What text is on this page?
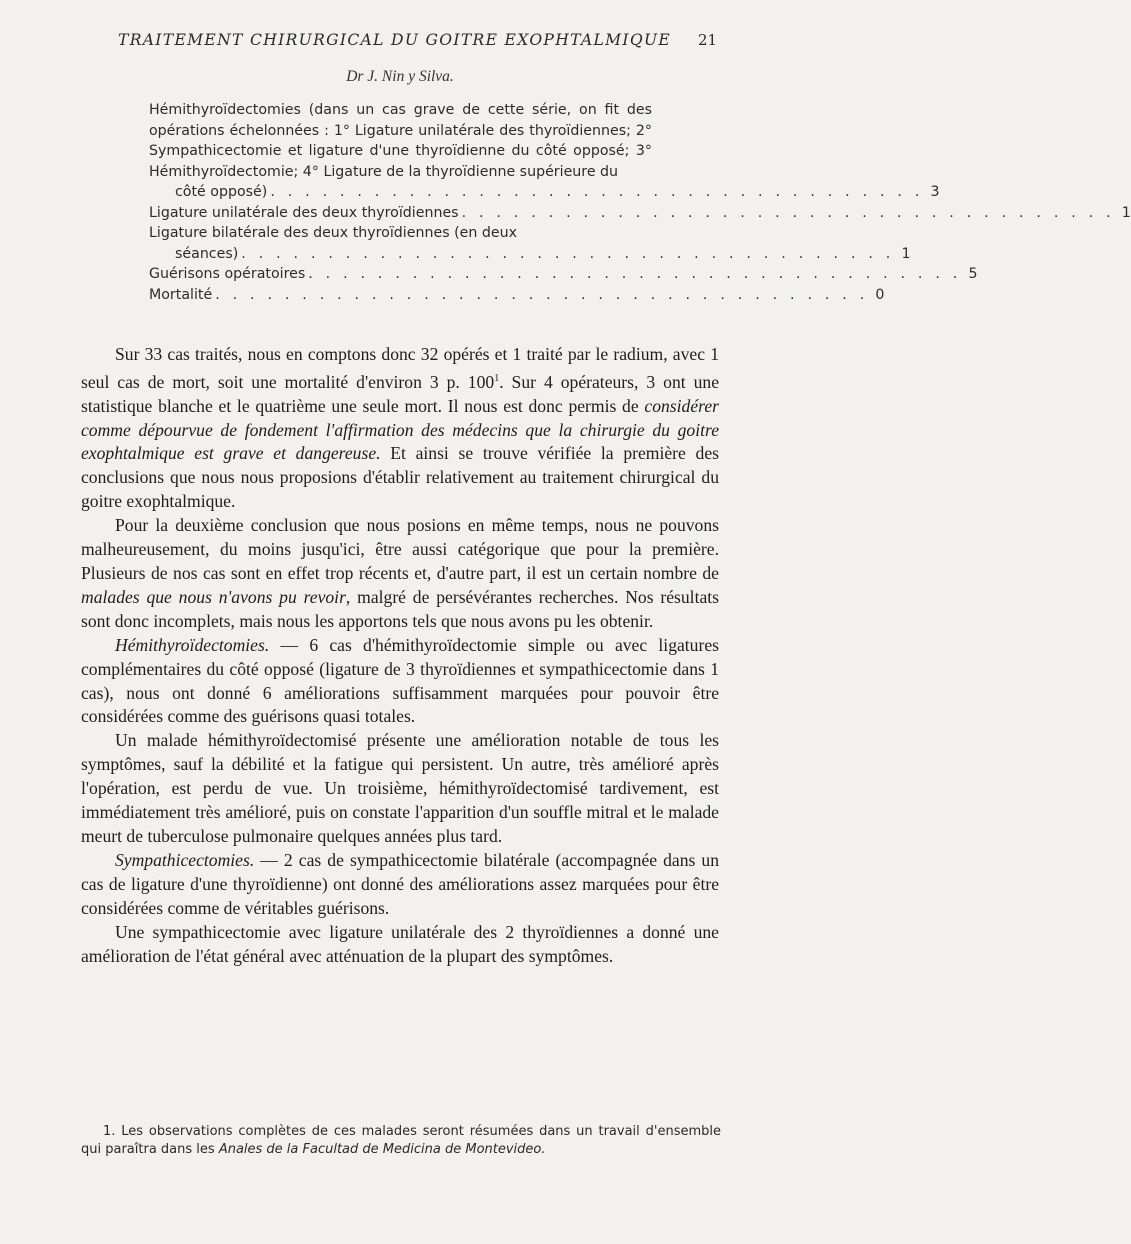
TRAITEMENT CHIRURGICAL DU GOITRE EXOPHTALMIQUE	21
Dr J. Nin y Silva.
Hémithyroïdectomies (dans un cas grave de cette série, on fit des opérations échelonnées : 1° Ligature unilatérale des thyroïdiennes; 2° Sympathicectomie et ligature d'une thyroïdienne du côté opposé; 3° Hémithyroïdectomie; 4° Ligature de la thyroïdienne supérieure du
côté opposé) . . . . . . . . . . . . . . . . . . . . . . . . . . . . . . . . . . . . . . 3
Ligature unilatérale des deux thyroïdiennes . . . . . . . . . . . . . . . . . . . . . . . . . . . . . . . . . . . . . . 1
Ligature bilatérale des deux thyroïdiennes (en deux
séances) . . . . . . . . . . . . . . . . . . . . . . . . . . . . . . . . . . . . . . 1
Guérisons opératoires . . . . . . . . . . . . . . . . . . . . . . . . . . . . . . . . . . . . . . 5
Mortalité . . . . . . . . . . . . . . . . . . . . . . . . . . . . . . . . . . . . . . 0

Sur 33 cas traités, nous en comptons donc 32 opérés et 1 traité par le radium, avec 1 seul cas de mort, soit une mortalité d'environ 3 p. $100^1$. Sur 4 opérateurs, 3 ont une statistique blanche et le quatrième une seule mort. Il nous est donc permis de considérer comme dépourvue de fondement l'affirmation des médecins que la chirurgie du goitre exophtalmique est grave et dangereuse. Et ainsi se trouve vérifiée la première des conclusions que nous nous proposions d'établir relativement au traitement chirurgical du goitre exophtalmique.

Pour la deuxième conclusion que nous posions en même temps, nous ne pouvons malheureusement, du moins jusqu'ici, être aussi catégorique que pour la première. Plusieurs de nos cas sont en effet trop récents et, d'autre part, il est un certain nombre de malades que nous n'avons pu revoir, malgré de persévérantes recherches. Nos résultats sont donc incomplets, mais nous les apportons tels que nous avons pu les obtenir.

Hémithyroïdectomies. — 6 cas d'hémithyroïdectomie simple ou avec ligatures complémentaires du côté opposé (ligature de 3 thyroïdiennes et sympathicectomie dans 1 cas), nous ont donné 6 améliorations suffisamment marquées pour pouvoir être considérées comme des guérisons quasi totales.

Un malade hémithyroïdectomisé présente une amélioration notable de tous les symptômes, sauf la débilité et la fatigue qui persistent. Un autre, très amélioré après l'opération, est perdu de vue. Un troisième, hémithyroïdectomisé tardivement, est immédiatement très amélioré, puis on constate l'apparition d'un souffle mitral et le malade meurt de tuberculose pulmonaire quelques années plus tard.

Sympathicectomies. — 2 cas de sympathicectomie bilatérale (accompagnée dans un cas de ligature d'une thyroïdienne) ont donné des améliorations assez marquées pour être considérées comme de véritables guérisons.

Une sympathicectomie avec ligature unilatérale des 2 thyroïdiennes a donné une amélioration de l'état général avec atténuation de la plupart des symptômes.

1. Les observations complètes de ces malades seront résumées dans un travail d'ensemble qui paraîtra dans les Anales de la Facultad de Medicina de Montevideo.
